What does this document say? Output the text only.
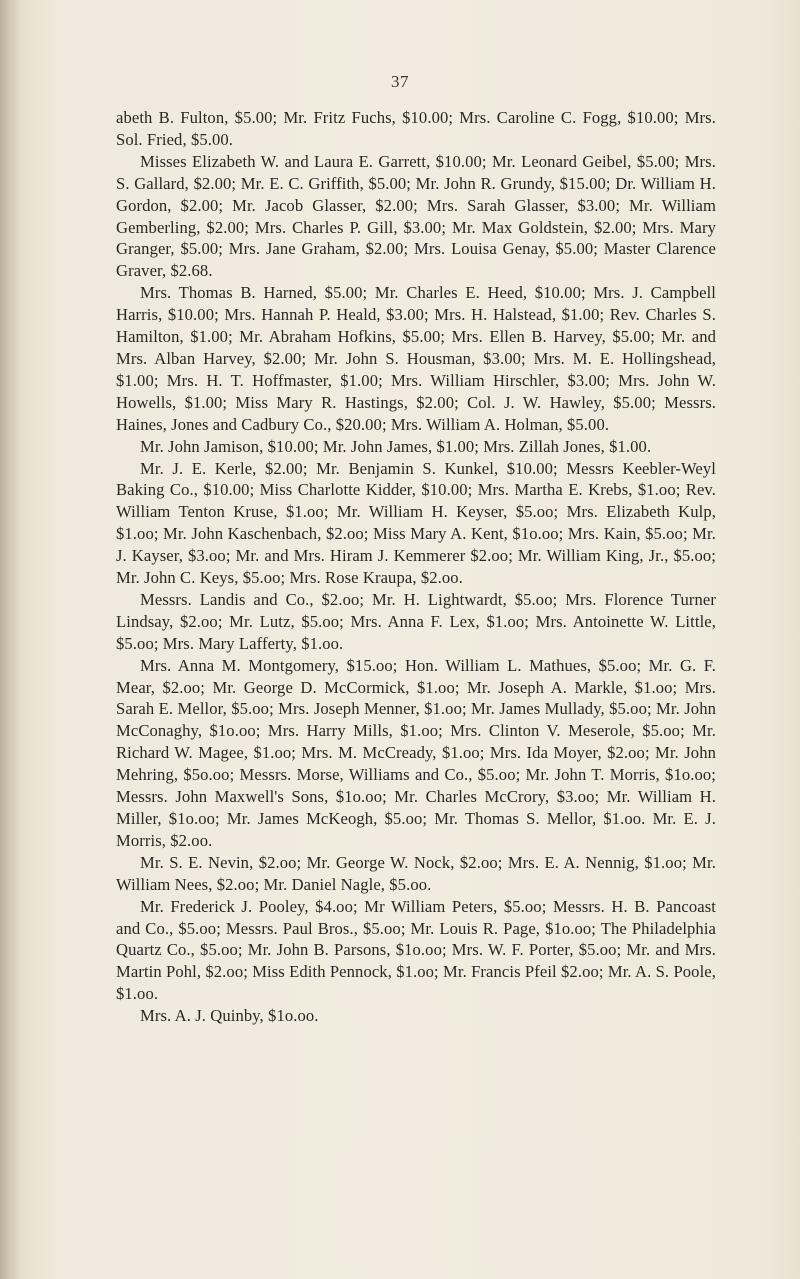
37

abeth B. Fulton, $5.00; Mr. Fritz Fuchs, $10.00; Mrs. Caroline C. Fogg, $10.00; Mrs. Sol. Fried, $5.00.

Misses Elizabeth W. and Laura E. Garrett, $10.00; Mr. Leonard Geibel, $5.00; Mrs. S. Gallard, $2.00; Mr. E. C. Griffith, $5.00; Mr. John R. Grundy, $15.00; Dr. William H. Gordon, $2.00; Mr. Jacob Glasser, $2.00; Mrs. Sarah Glasser, $3.00; Mr. William Gemberling, $2.00; Mrs. Charles P. Gill, $3.00; Mr. Max Goldstein, $2.00; Mrs. Mary Granger, $5.00; Mrs. Jane Graham, $2.00; Mrs. Louisa Genay, $5.00; Master Clarence Graver, $2.68.

Mrs. Thomas B. Harned, $5.00; Mr. Charles E. Heed, $10.00; Mrs. J. Campbell Harris, $10.00; Mrs. Hannah P. Heald, $3.00; Mrs. H. Halstead, $1.00; Rev. Charles S. Hamilton, $1.00; Mr. Abraham Hofkins, $5.00; Mrs. Ellen B. Harvey, $5.00; Mr. and Mrs. Alban Harvey, $2.00; Mr. John S. Housman, $3.00; Mrs. M. E. Hollingshead, $1.00; Mrs. H. T. Hoffmaster, $1.00; Mrs. William Hirschler, $3.00; Mrs. John W. Howells, $1.00; Miss Mary R. Hastings, $2.00; Col. J. W. Hawley, $5.00; Messrs. Haines, Jones and Cadbury Co., $20.00; Mrs. William A. Holman, $5.00.

Mr. John Jamison, $10.00; Mr. John James, $1.00; Mrs. Zillah Jones, $1.00.

Mr. J. E. Kerle, $2.00; Mr. Benjamin S. Kunkel, $10.00; Messrs Keebler-Weyl Baking Co., $10.00; Miss Charlotte Kidder, $10.00; Mrs. Martha E. Krebs, $1.oo; Rev. William Tenton Kruse, $1.oo; Mr. William H. Keyser, $5.oo; Mrs. Elizabeth Kulp, $1.oo; Mr. John Kaschenbach, $2.oo; Miss Mary A. Kent, $1o.oo; Mrs. Kain, $5.oo; Mr. J. Kayser, $3.oo; Mr. and Mrs. Hiram J. Kemmerer $2.oo; Mr. William King, Jr., $5.oo; Mr. John C. Keys, $5.oo; Mrs. Rose Kraupa, $2.oo.

Messrs. Landis and Co., $2.oo; Mr. H. Lightwardt, $5.oo; Mrs. Florence Turner Lindsay, $2.oo; Mr. Lutz, $5.oo; Mrs. Anna F. Lex, $1.oo; Mrs. Antoinette W. Little, $5.oo; Mrs. Mary Lafferty, $1.oo.

Mrs. Anna M. Montgomery, $15.oo; Hon. William L. Mathues, $5.oo; Mr. G. F. Mear, $2.oo; Mr. George D. McCormick, $1.oo; Mr. Joseph A. Markle, $1.oo; Mrs. Sarah E. Mellor, $5.oo; Mrs. Joseph Menner, $1.oo; Mr. James Mullady, $5.oo; Mr. John McConaghy, $1o.oo; Mrs. Harry Mills, $1.oo; Mrs. Clinton V. Meserole, $5.oo; Mr. Richard W. Magee, $1.oo; Mrs. M. McCready, $1.oo; Mrs. Ida Moyer, $2.oo; Mr. John Mehring, $5o.oo; Messrs. Morse, Williams and Co., $5.oo; Mr. John T. Morris, $1o.oo; Messrs. John Maxwell's Sons, $1o.oo; Mr. Charles McCrory, $3.oo; Mr. William H. Miller, $1o.oo; Mr. James McKeogh, $5.oo; Mr. Thomas S. Mellor, $1.oo. Mr. E. J. Morris, $2.oo.

Mr. S. E. Nevin, $2.oo; Mr. George W. Nock, $2.oo; Mrs. E. A. Nennig, $1.oo; Mr. William Nees, $2.oo; Mr. Daniel Nagle, $5.oo.

Mr. Frederick J. Pooley, $4.oo; Mr William Peters, $5.oo; Messrs. H. B. Pancoast and Co., $5.oo; Messrs. Paul Bros., $5.oo; Mr. Louis R. Page, $1o.oo; The Philadelphia Quartz Co., $5.oo; Mr. John B. Parsons, $1o.oo; Mrs. W. F. Porter, $5.oo; Mr. and Mrs. Martin Pohl, $2.oo; Miss Edith Pennock, $1.oo; Mr. Francis Pfeil $2.oo; Mr. A. S. Poole, $1.oo.

Mrs. A. J. Quinby, $1o.oo.
